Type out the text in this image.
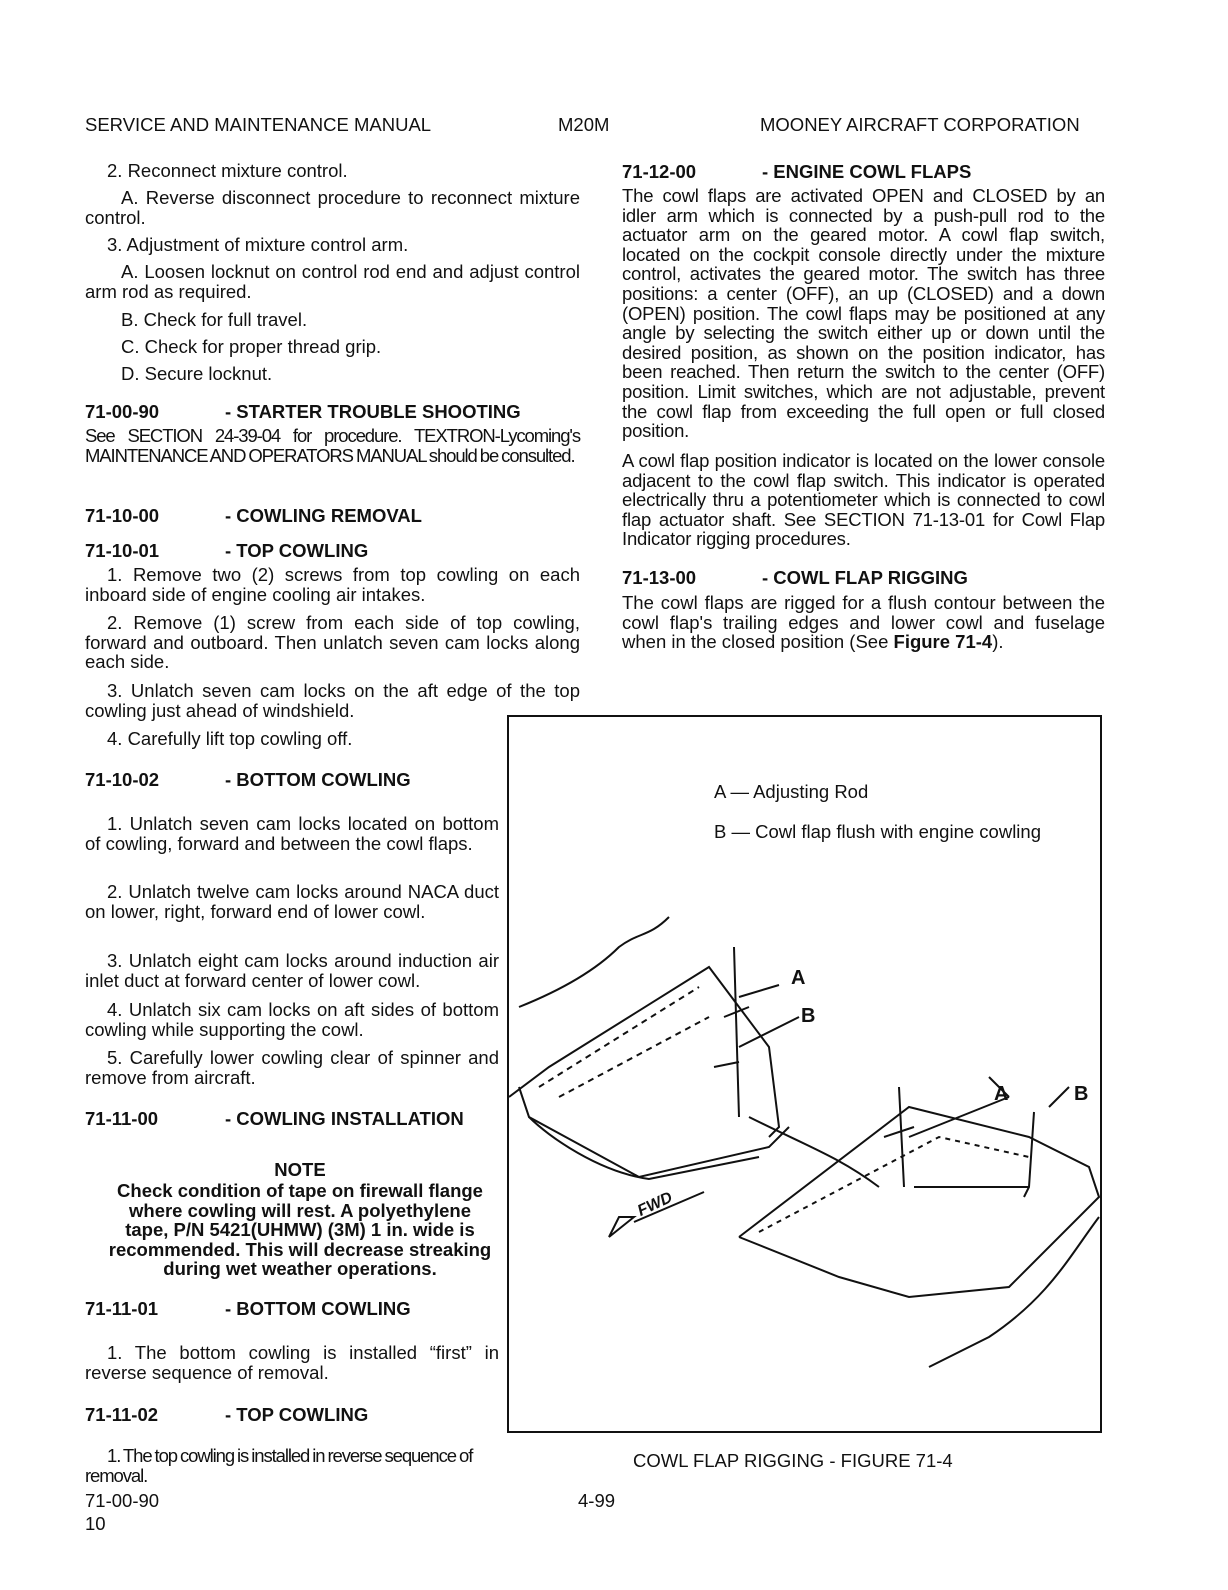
SERVICE AND MAINTENANCE MANUAL	M20M	MOONEY AIRCRAFT CORPORATION
2. Reconnect mixture control.
A. Reverse disconnect procedure to reconnect mixture control.
3. Adjustment of mixture control arm.
A. Loosen locknut on control rod end and adjust control arm rod as required.
B. Check for full travel.
C. Check for proper thread grip.
D. Secure locknut.
71-00-90	- STARTER TROUBLE SHOOTING
See SECTION 24-39-04 for procedure. TEXTRON-Lycoming's MAINTENANCE AND OPERATORS MANUAL should be consulted.
71-10-00	- COWLING REMOVAL
71-10-01	- TOP COWLING
1. Remove two (2) screws from top cowling on each inboard side of engine cooling air intakes.
2. Remove (1) screw from each side of top cowling, forward and outboard. Then unlatch seven cam locks along each side.
3. Unlatch seven cam locks on the aft edge of the top cowling just ahead of windshield.
4. Carefully lift top cowling off.
71-10-02	- BOTTOM COWLING
1. Unlatch seven cam locks located on bottom of cowling, forward and between the cowl flaps.
2. Unlatch twelve cam locks around NACA duct on lower, right, forward end of lower cowl.
3. Unlatch eight cam locks around induction air inlet duct at forward center of lower cowl.
4. Unlatch six cam locks on aft sides of bottom cowling while supporting the cowl.
5. Carefully lower cowling clear of spinner and remove from aircraft.
71-11-00	- COWLING INSTALLATION
NOTE
Check condition of tape on firewall flange where cowling will rest. A polyethylene tape, P/N 5421(UHMW) (3M) 1 in. wide is recommended. This will decrease streaking during wet weather operations.
71-11-01	- BOTTOM COWLING
1. The bottom cowling is installed “first” in reverse sequence of removal.
71-11-02	- TOP COWLING
1. The top cowling is installed in reverse sequence of removal.
71-12-00	- ENGINE COWL FLAPS
The cowl flaps are activated OPEN and CLOSED by an idler arm which is connected by a push-pull rod to the actuator arm on the geared motor. A cowl flap switch, located on the cockpit console directly under the mixture control, activates the geared motor. The switch has three positions: a center (OFF), an up (CLOSED) and a down (OPEN) position. The cowl flaps may be positioned at any angle by selecting the switch either up or down until the desired position, as shown on the position indicator, has been reached. Then return the switch to the center (OFF) position. Limit switches, which are not adjustable, prevent the cowl flap from exceeding the full open or full closed position.
A cowl flap position indicator is located on the lower console adjacent to the cowl flap switch. This indicator is operated electrically thru a potentiometer which is connected to cowl flap actuator shaft. See SECTION 71-13-01 for Cowl Flap Indicator rigging procedures.
71-13-00	- COWL FLAP RIGGING
The cowl flaps are rigged for a flush contour between the cowl flap's trailing edges and lower cowl and fuselage when in the closed position (See Figure 71-4).
A — Adjusting Rod
B — Cowl flap flush with engine cowling
A
B
A	B
FWD
COWL FLAP RIGGING - FIGURE 71-4
71-00-90
10
4-99
